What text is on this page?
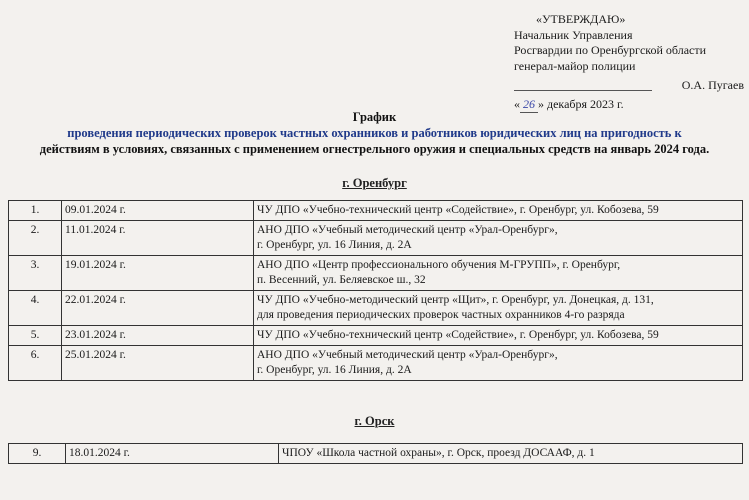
«УТВЕРЖДАЮ»
Начальник Управления
Росгвардии по Оренбургской области
генерал-майор полиции
О.А. Пугаев
« 26 » декабря 2023 г.
График
проведения периодических проверок частных охранников и работников юридических лиц на пригодность к
действиям в условиях, связанных с применением огнестрельного оружия и специальных средств на январь 2024 года.
г. Оренбург
1.	09.01.2024 г.	ЧУ ДПО «Учебно-технический центр «Содействие», г. Оренбург, ул. Кобозева, 59

2.	11.01.2024 г.	АНО ДПО «Учебный методический центр «Урал-Оренбург»,
г. Оренбург, ул. 16 Линия, д. 2А

3.	19.01.2024 г.	АНО ДПО «Центр профессионального обучения М-ГРУПП», г. Оренбург,
п. Весенний, ул. Беляевское ш., 32

4.	22.01.2024 г.	ЧУ ДПО «Учебно-методический центр «Щит», г. Оренбург, ул. Донецкая, д. 131,
для проведения периодических проверок частных охранников 4-го разряда

5.	23.01.2024 г.	ЧУ ДПО «Учебно-технический центр «Содействие», г. Оренбург, ул. Кобозева, 59

6.	25.01.2024 г.	АНО ДПО «Учебный методический центр «Урал-Оренбург»,
г. Оренбург, ул. 16 Линия, д. 2А
г. Орск
9.	18.01.2024 г.	ЧПОУ «Школа частной охраны», г. Орск, проезд ДОСААФ, д. 1
